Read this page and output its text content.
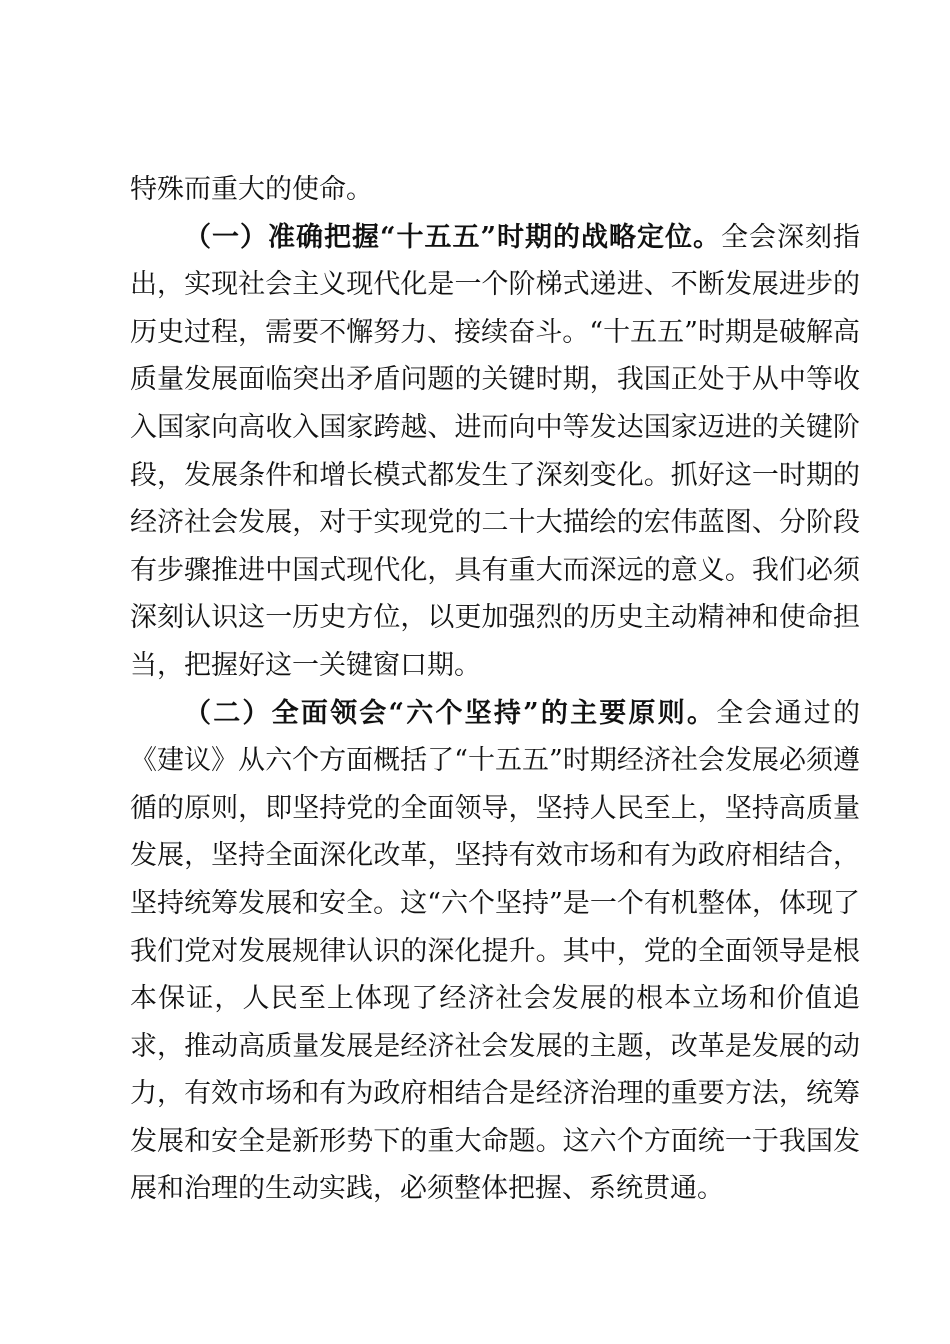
特殊而重大的使命。

（一）准确把握“十五五”时期的战略定位。全会深刻指出，实现社会主义现代化是一个阶梯式递进、不断发展进步的历史过程，需要不懈努力、接续奋斗。“十五五”时期是破解高质量发展面临突出矛盾问题的关键时期，我国正处于从中等收入国家向高收入国家跨越、进而向中等发达国家迈进的关键阶段，发展条件和增长模式都发生了深刻变化。抓好这一时期的经济社会发展，对于实现党的二十大描绘的宏伟蓝图、分阶段有步骤推进中国式现代化，具有重大而深远的意义。我们必须深刻认识这一历史方位，以更加强烈的历史主动精神和使命担当，把握好这一关键窗口期。

（二）全面领会“六个坚持”的主要原则。全会通过的《建议》从六个方面概括了“十五五”时期经济社会发展必须遵循的原则，即坚持党的全面领导，坚持人民至上，坚持高质量发展，坚持全面深化改革，坚持有效市场和有为政府相结合，坚持统筹发展和安全。这“六个坚持”是一个有机整体，体现了我们党对发展规律认识的深化提升。其中，党的全面领导是根本保证，人民至上体现了经济社会发展的根本立场和价值追求，推动高质量发展是经济社会发展的主题，改革是发展的动力，有效市场和有为政府相结合是经济治理的重要方法，统筹发展和安全是新形势下的重大命题。这六个方面统一于我国发展和治理的生动实践，必须整体把握、系统贯通。
